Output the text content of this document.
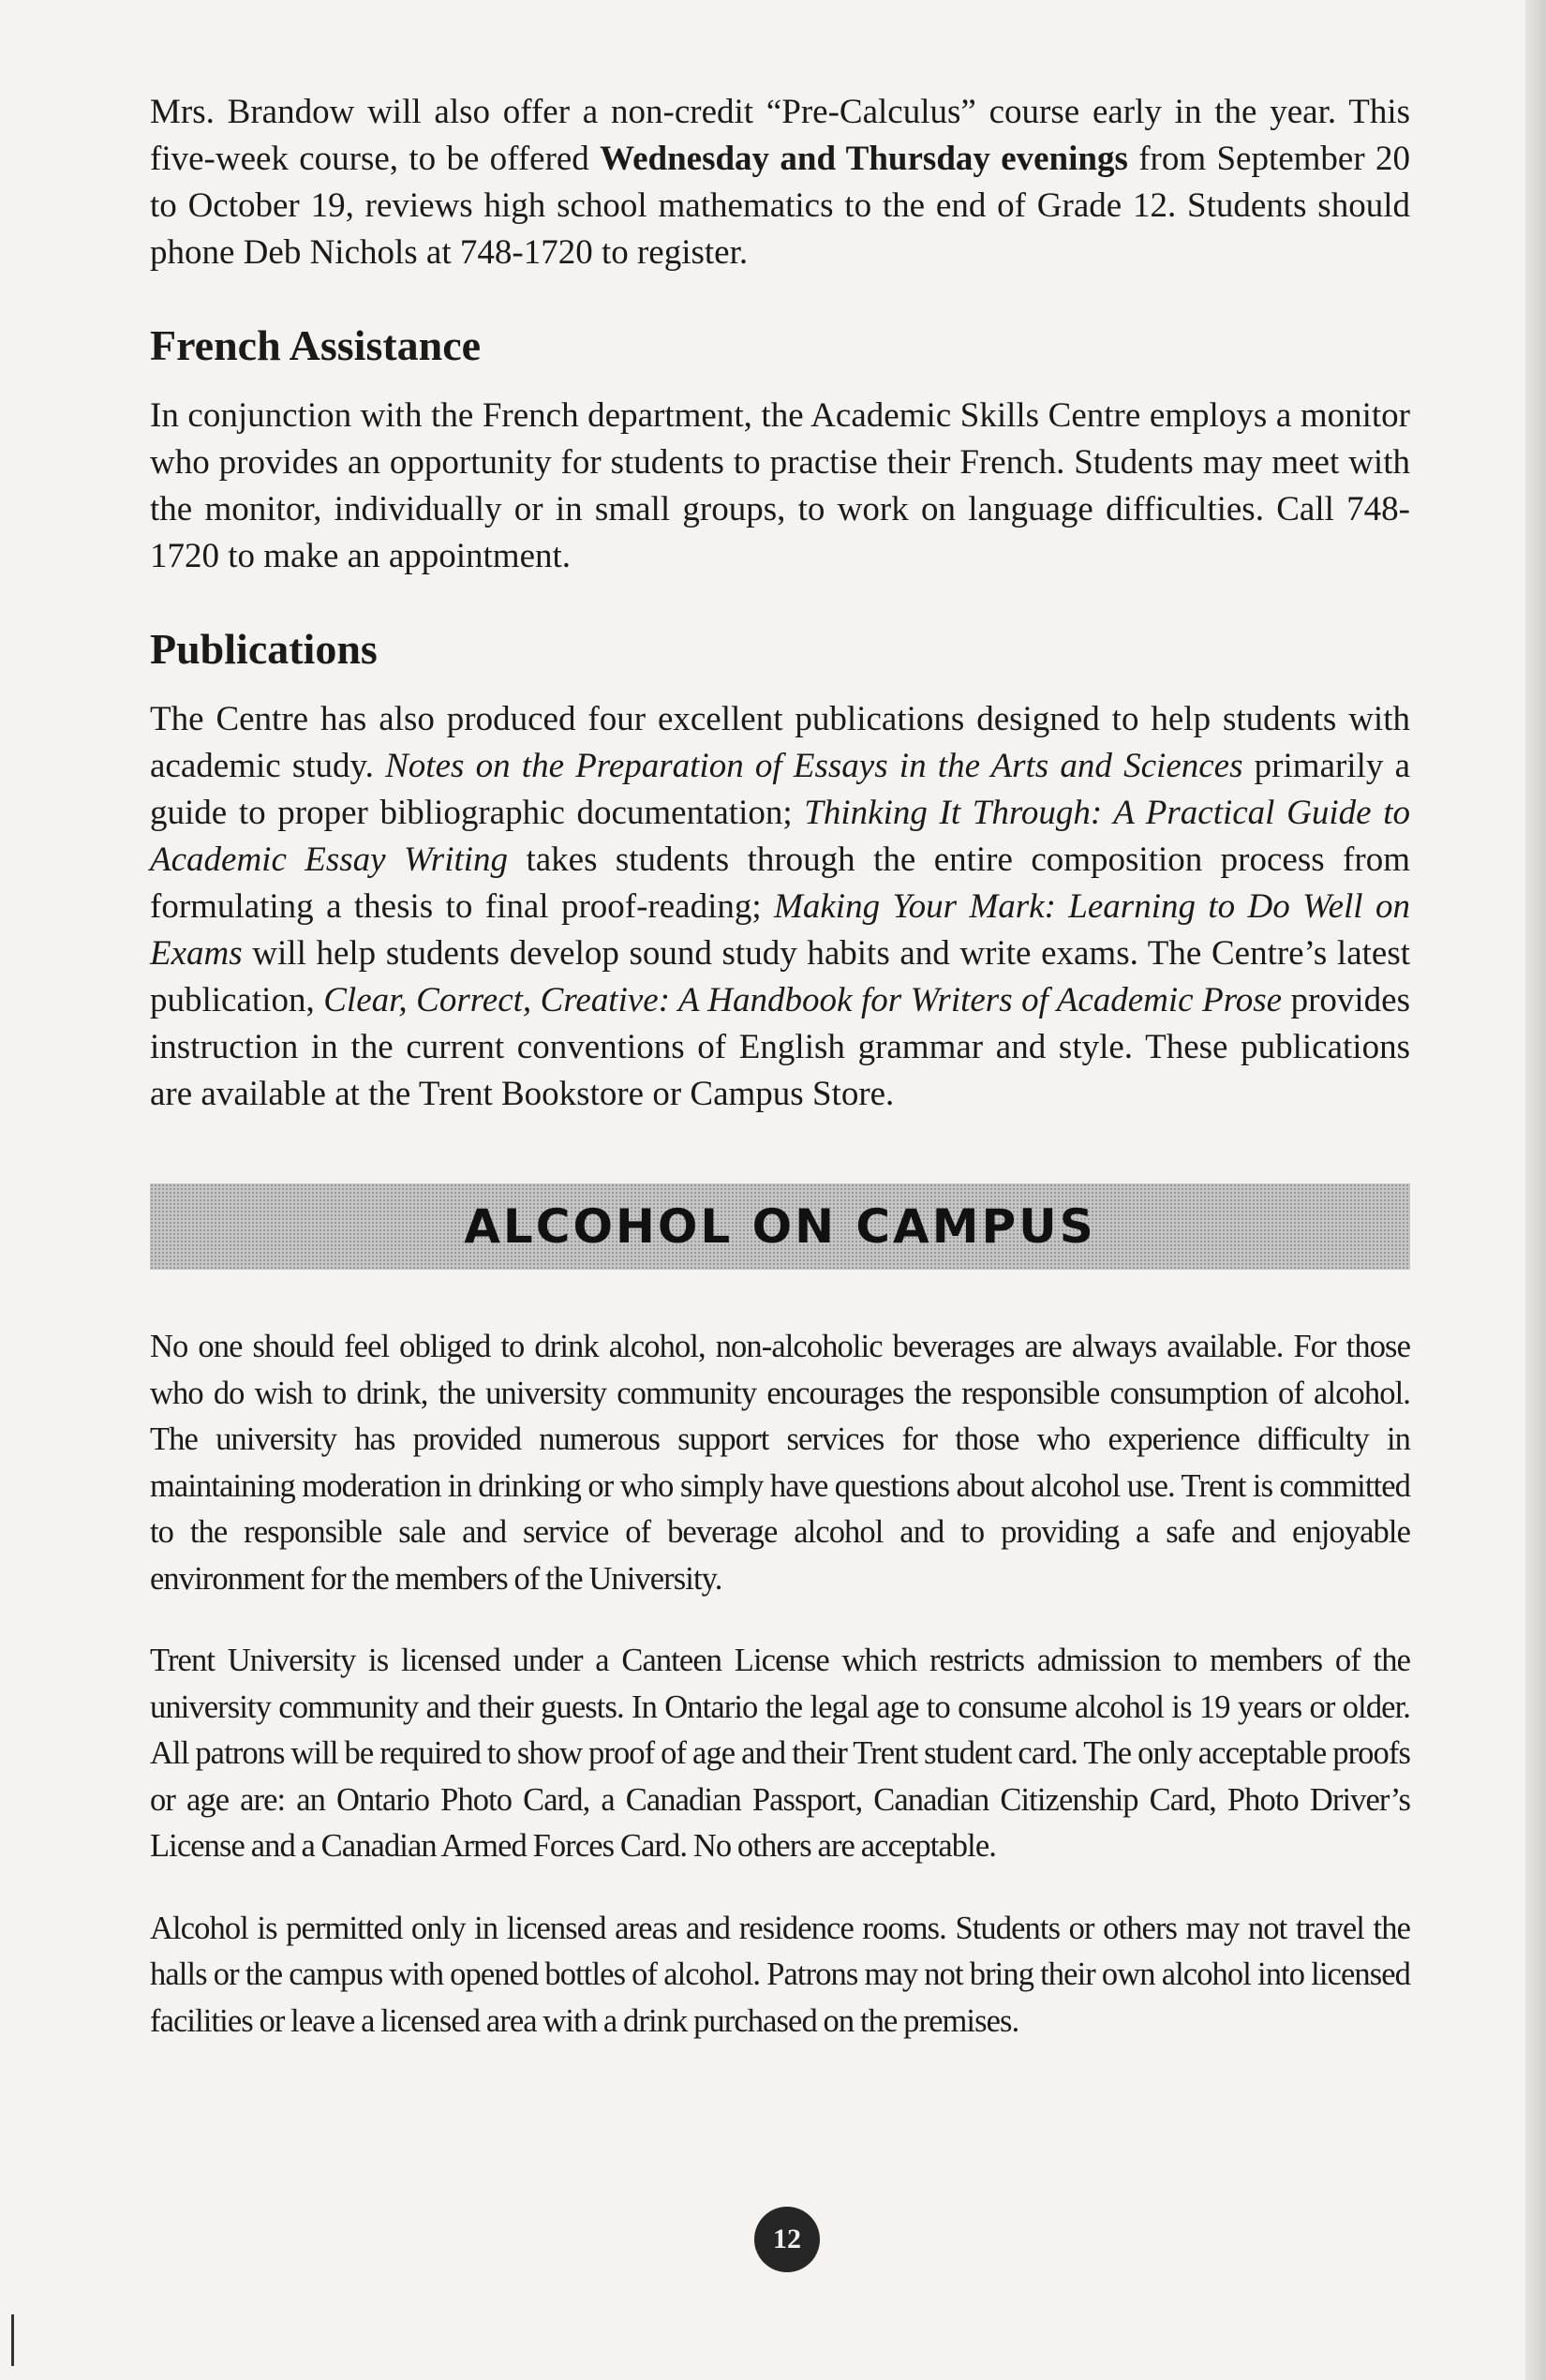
Mrs. Brandow will also offer a non-credit “Pre-Calculus” course early in the year. This five-week course, to be offered Wednesday and Thursday evenings from September 20 to October 19, reviews high school mathematics to the end of Grade 12. Students should phone Deb Nichols at 748-1720 to register.

French Assistance

In conjunction with the French department, the Academic Skills Centre employs a monitor who provides an opportunity for students to practise their French. Students may meet with the monitor, individually or in small groups, to work on language difficulties. Call 748-1720 to make an appointment.

Publications

The Centre has also produced four excellent publications designed to help students with academic study. Notes on the Preparation of Essays in the Arts and Sciences primarily a guide to proper bibliographic documentation; Thinking It Through: A Practical Guide to Academic Essay Writing takes students through the entire composition process from formulating a thesis to final proof-reading; Making Your Mark: Learning to Do Well on Exams will help students develop sound study habits and write exams. The Centre’s latest publication, Clear, Correct, Creative: A Handbook for Writers of Academic Prose provides instruction in the current conventions of English grammar and style. These publications are available at the Trent Bookstore or Campus Store.

ALCOHOL ON CAMPUS

No one should feel obliged to drink alcohol, non-alcoholic beverages are always available. For those who do wish to drink, the university community encourages the responsible consumption of alcohol. The university has provided numerous support services for those who experience difficulty in maintaining moderation in drinking or who simply have questions about alcohol use. Trent is committed to the responsible sale and service of beverage alcohol and to providing a safe and enjoyable environment for the members of the University.

Trent University is licensed under a Canteen License which restricts admission to members of the university community and their guests. In Ontario the legal age to consume alcohol is 19 years or older. All patrons will be required to show proof of age and their Trent student card. The only acceptable proofs or age are: an Ontario Photo Card, a Canadian Passport, Canadian Citizenship Card, Photo Driver’s License and a Canadian Armed Forces Card. No others are acceptable.

Alcohol is permitted only in licensed areas and residence rooms. Students or others may not travel the halls or the campus with opened bottles of alcohol. Patrons may not bring their own alcohol into licensed facilities or leave a licensed area with a drink purchased on the premises.

12
